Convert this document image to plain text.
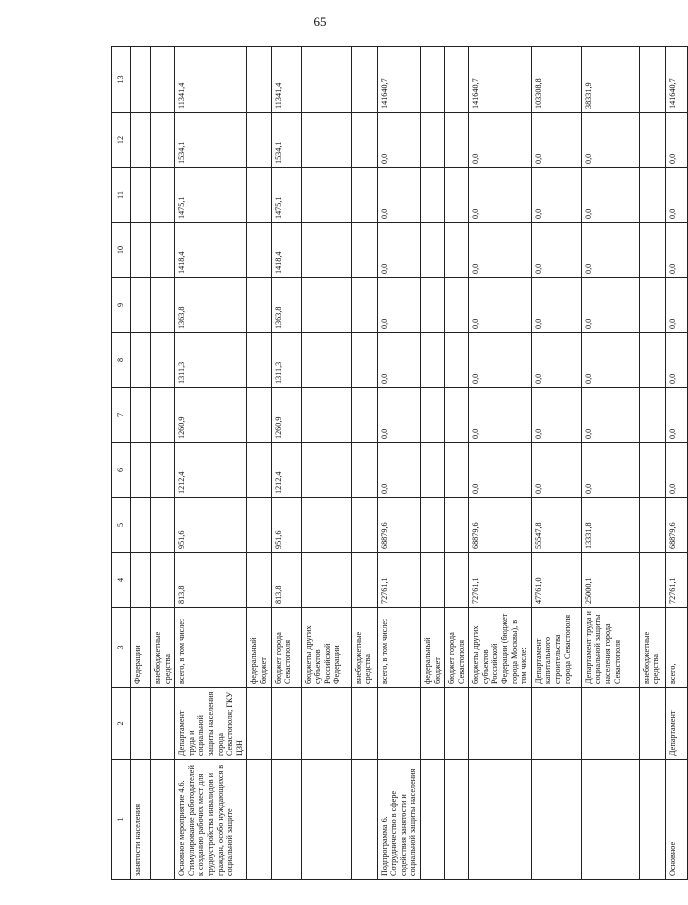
65
1	2	3	4	5	6	7	8	9	10	11	12	13
занятости населения		Федерации										
		внебюджетные средства										
Основное мероприятие 4.6. Стимулирование работодателей к созданию рабочих мест для трудоустройства инвалидов и граждан, особо нуждающихся в социальной защите	Департамент труда и социальной защиты населения города Севастополя; ГКУ ЦЗН	всего, в том числе:	813,8	951,6	1212,4	1260,9	1311,3	1363,8	1418,4	1475,1	1534,1	11341,4
		федеральный бюджет										
		бюджет города Севастополя	813,8	951,6	1212,4	1260,9	1311,3	1363,8	1418,4	1475,1	1534,1	11341,4
		бюджеты других субъектов Российской Федерации										
		внебюджетные средства										
Подпрограмма 6. Сотрудничество в сфере содействия занятости и социальной защиты населения		всего, в том числе:	72761,1	68879,6	0,0	0,0	0,0	0,0	0,0	0,0	0,0	141640,7
		федеральный бюджет										
		бюджет города Севастополя										
		бюджеты других субъектов Российской Федерации (бюджет города Москвы), в том числе:	72761,1	68879,6	0,0	0,0	0,0	0,0	0,0	0,0	0,0	141640,7
		Департамент капитального строительства города Севастополя	47761,0	55547,8	0,0	0,0	0,0	0,0	0,0	0,0	0,0	103308,8
		Департамент труда и социальной защиты населения города Севастополя	25000,1	13331,8	0,0	0,0	0,0	0,0	0,0	0,0	0,0	38331,9
		внебюджетные средства										
Основное	Департамент	всего,	72761,1	68879,6	0,0	0,0	0,0	0,0	0,0	0,0	0,0	141640,7
